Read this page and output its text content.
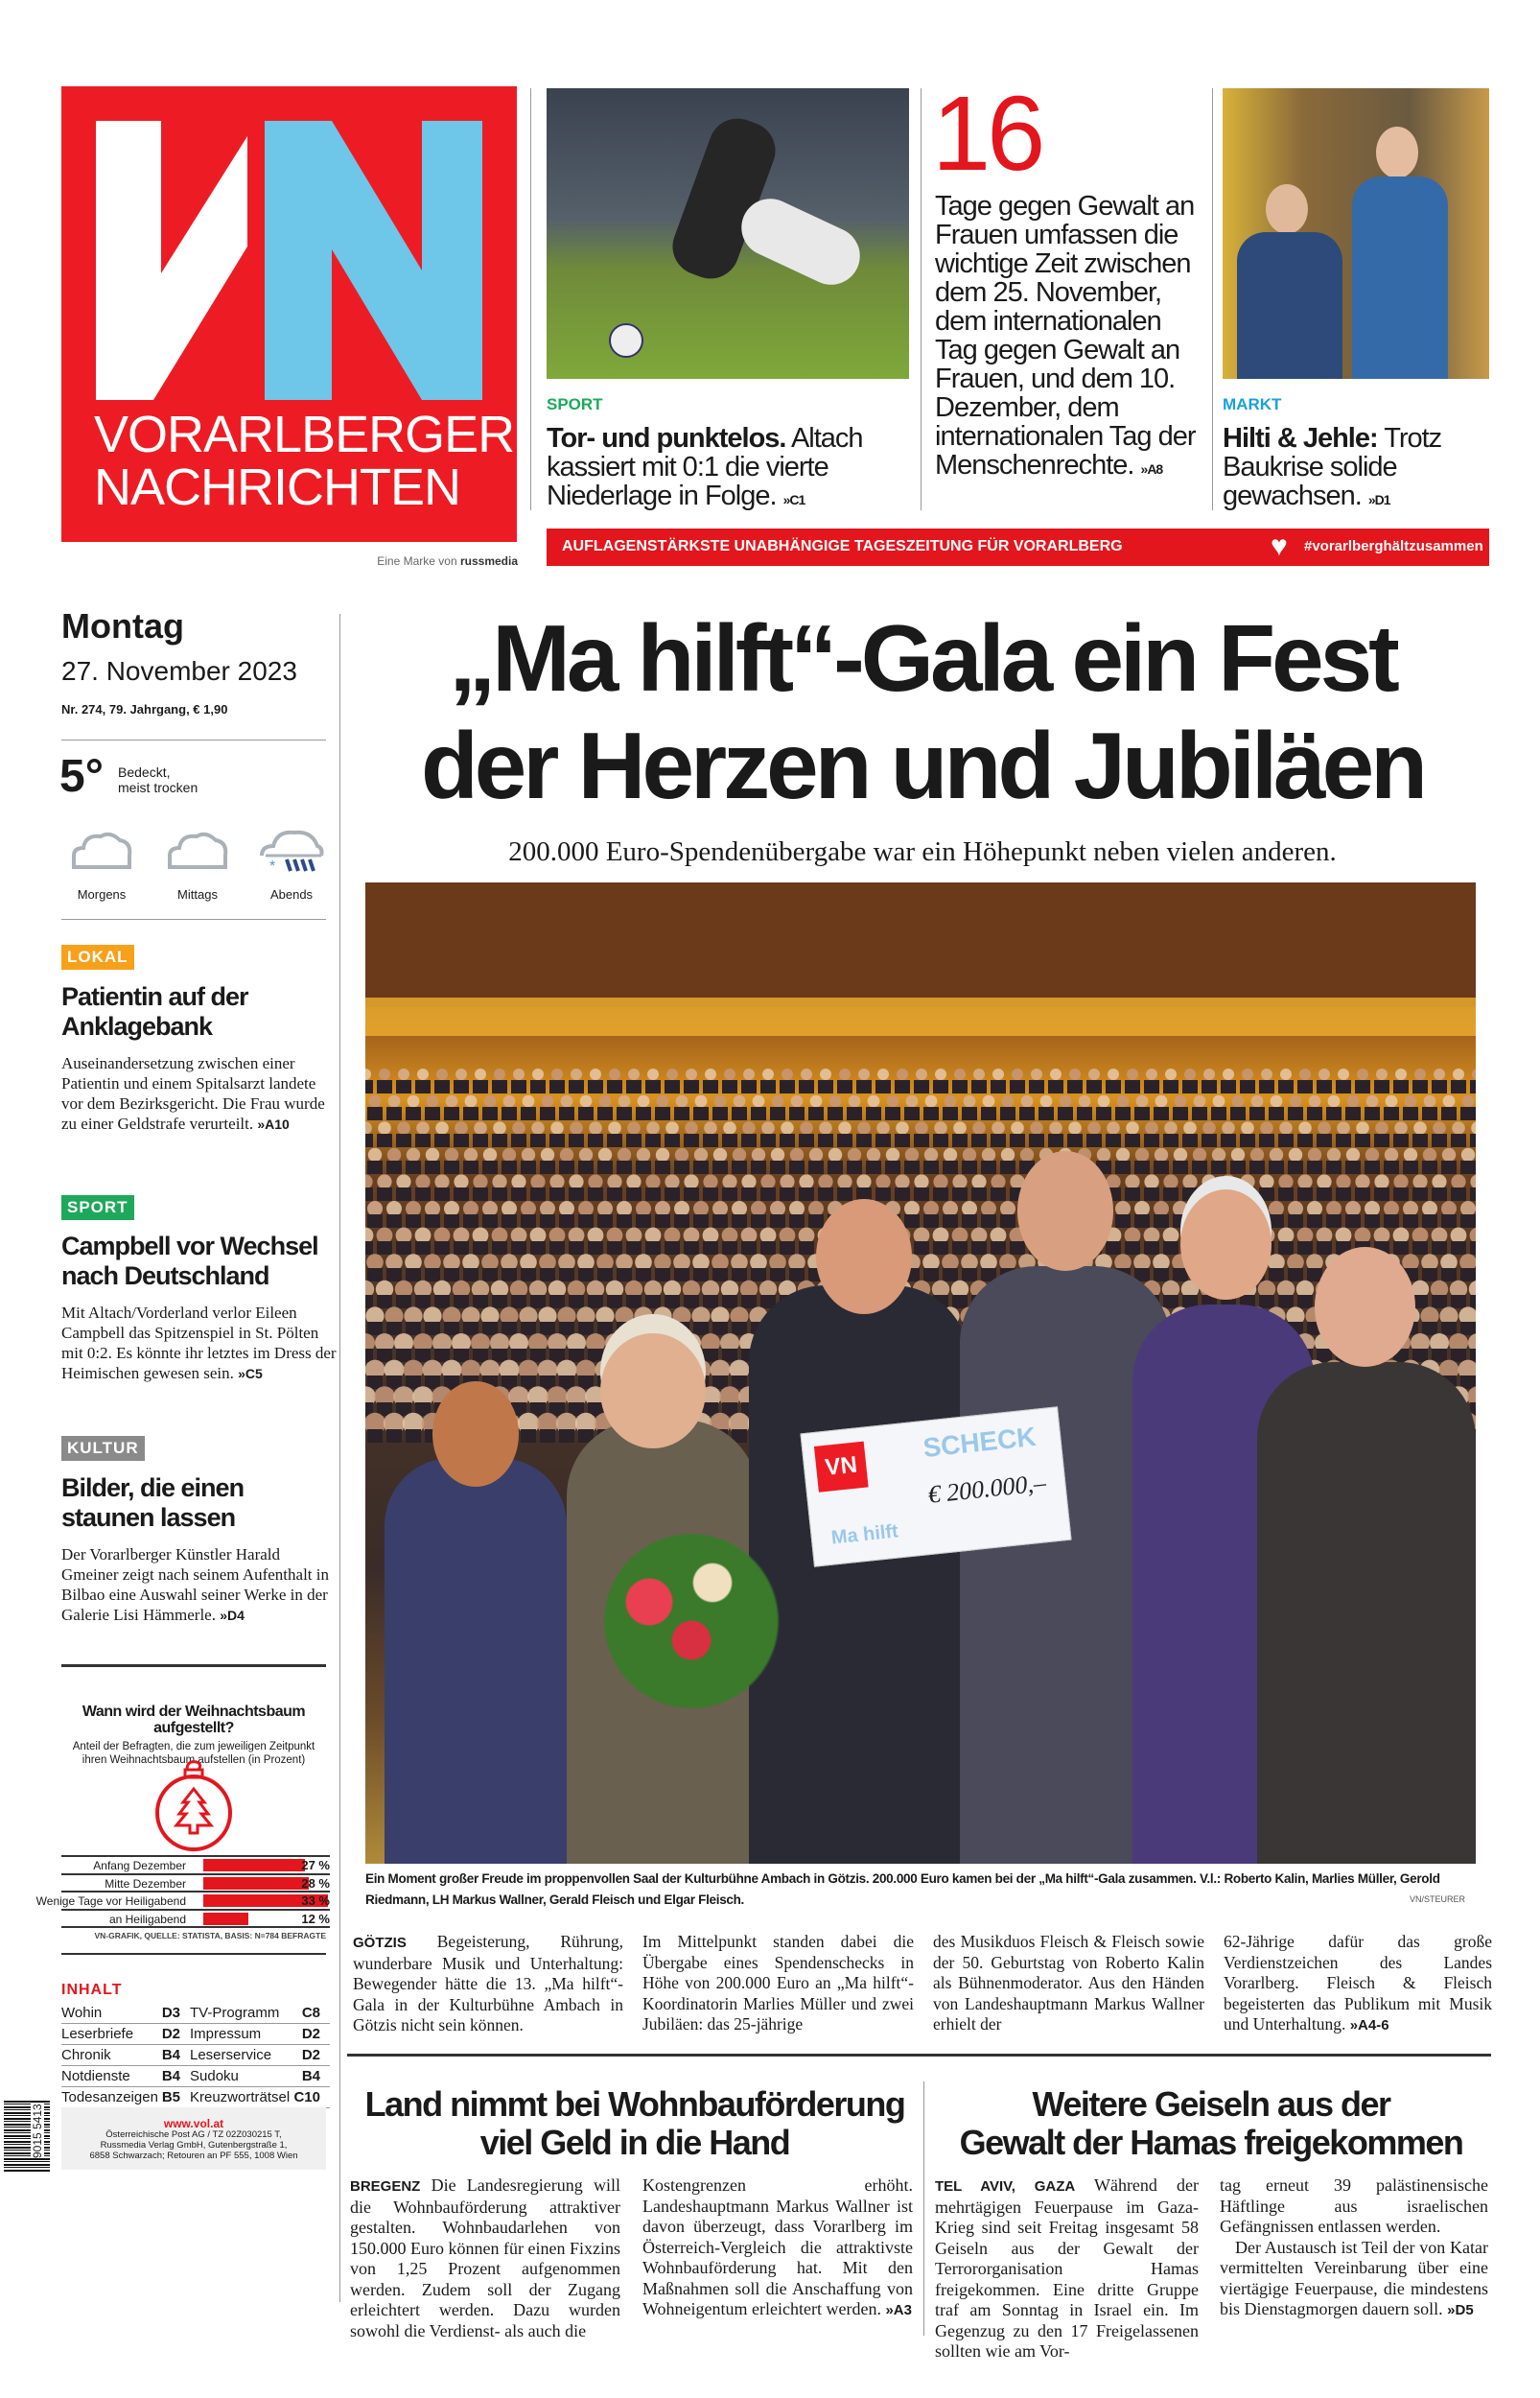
VORARLBERGER
NACHRICHTEN
Eine Marke von russmedia
SPORT
Tor- und punktelos. Altach kassiert mit 0:1 die vierte Niederlage in Folge. »C1
16
Tage gegen Gewalt an Frauen umfassen die wichtige Zeit zwischen dem 25. November, dem internationalen Tag gegen Gewalt an Frauen, und dem 10. Dezember, dem internationalen Tag der Menschenrechte. »A8
MARKT
Hilti & Jehle: Trotz Baukrise solide gewachsen. »D1
AUFLAGENSTÄRKSTE UNABHÄNGIGE TAGESZEITUNG FÜR VORARLBERG	♥ #vorarlberghältzusammen
Montag
27. November 2023
Nr. 274, 79. Jahrgang, € 1,90
5° Bedeckt,
meist trocken
Morgens	Mittags
*
Abends
LOKAL
Patientin auf der Anklagebank
Auseinandersetzung zwischen einer Patientin und einem Spitalsarzt landete vor dem Bezirksgericht. Die Frau wurde zu einer Geldstrafe verurteilt. »A10
SPORT
Campbell vor Wechsel nach Deutschland
Mit Altach/Vorderland verlor Eileen Campbell das Spitzenspiel in St. Pölten mit 0:2. Es könnte ihr letztes im Dress der Heimischen gewesen sein. »C5
KULTUR
Bilder, die einen staunen lassen
Der Vorarlberger Künstler Harald Gmeiner zeigt nach seinem Aufenthalt in Bilbao eine Auswahl seiner Werke in der Galerie Lisi Hämmerle. »D4
Wann wird der Weihnachtsbaum aufgestellt?
Anteil der Befragten, die zum jeweiligen Zeitpunkt ihren Weihnachtsbaum aufstellen (in Prozent)
Anfang Dezember	27 %
Mitte Dezember	28 %
Wenige Tage vor Heiligabend	33 %
an Heiligabend	12 %
VN-GRAFIK, QUELLE: STATISTA, BASIS: N=784 BEFRAGTE
INHALT
Wohin	D3	TV-Programm	C8
Leserbriefe	D2	Impressum	D2
Chronik	B4	Leserservice	D2
Notdienste	B4	Sudoku	B4
Todesanzeigen	B5	Kreuzworträtsel	C10
9015 5413	www.vol.at
Österreichische Post AG / TZ 02Z030215 T,
Russmedia Verlag GmbH, Gutenbergstraße 1,
6858 Schwarzach; Retouren an PF 555, 1008 Wien
„Ma hilft“-Gala ein Fest
der Herzen und Jubiläen
200.000 Euro-Spendenübergabe war ein Höhepunkt neben vielen anderen.
VN
SCHECK
€ 200.000,–
Ma hilft
Ein Moment großer Freude im proppenvollen Saal der Kulturbühne Ambach in Götzis. 200.000 Euro kamen bei der „Ma hilft“-Gala zusammen. V.l.: Roberto Kalin, Marlies Müller, Gerold Riedmann, LH Markus Wallner, Gerald Fleisch und Elgar Fleisch.	VN/STEURER
GÖTZIS Begeisterung, Rührung, wunderbare Musik und Unterhaltung: Bewegender hätte die 13. „Ma hilft“-Gala in der Kulturbühne Ambach in Götzis nicht sein können.
Im Mittelpunkt standen dabei die Übergabe eines Spendenschecks in Höhe von 200.000 Euro an „Ma hilft“-Koordinatorin Marlies Müller und zwei Jubiläen: das 25-jährige
des Musikduos Fleisch & Fleisch sowie der 50. Geburtstag von Roberto Kalin als Bühnenmoderator. Aus den Händen von Landeshauptmann Markus Wallner erhielt der
62-Jährige dafür das große Verdienstzeichen des Landes Vorarlberg. Fleisch & Fleisch begeisterten das Publikum mit Musik und Unterhaltung. »A4-6
Land nimmt bei Wohnbauförderung
viel Geld in die Hand
BREGENZ Die Landesregierung will die Wohnbauförderung attraktiver gestalten. Wohnbaudarlehen von 150.000 Euro können für einen Fixzins von 1,25 Prozent aufgenommen werden. Zudem soll der Zugang erleichtert werden. Dazu wurden sowohl die Verdienst- als auch die
Kostengrenzen erhöht. Landeshauptmann Markus Wallner ist davon überzeugt, dass Vorarlberg im Österreich-Vergleich die attraktivste Wohnbauförderung hat. Mit den Maßnahmen soll die Anschaffung von Wohneigentum erleichtert werden. »A3
Weitere Geiseln aus der
Gewalt der Hamas freigekommen
TEL AVIV, GAZA Während der mehrtägigen Feuerpause im Gaza-Krieg sind seit Freitag insgesamt 58 Geiseln aus der Gewalt der Terrororganisation Hamas freigekommen. Eine dritte Gruppe traf am Sonntag in Israel ein. Im Gegenzug zu den 17 Freigelassenen sollten wie am Vor-
tag erneut 39 palästinensische Häftlinge aus israelischen Gefängnissen entlassen werden.
Der Austausch ist Teil der von Katar vermittelten Vereinbarung über eine viertägige Feuerpause, die mindestens bis Dienstagmorgen dauern soll. »D5
